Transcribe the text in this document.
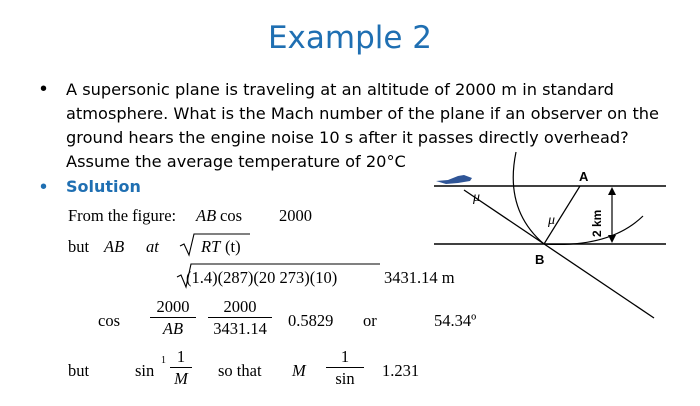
Example 2
• A supersonic plane is traveling at an altitude of 2000 m in standard
atmosphere. What is the Mach number of the plane if an observer on the
ground hears the engine noise 10 s after it passes directly overhead?
Assume the average temperature of 20°C
• Solution
From the figure: AB cos 2000
but AB at	RT (t)
(1.4)(287)(20 273)(10)	3431.14 m
$\cos \frac{2000}{AB} \frac{2000}{3431.14} 0.5829$ or	54.34º
but	sin
$1 \frac{1}{M}$ so that M $\frac{1}{\sin} 1.231$
A
B
μ
μ	2 km
